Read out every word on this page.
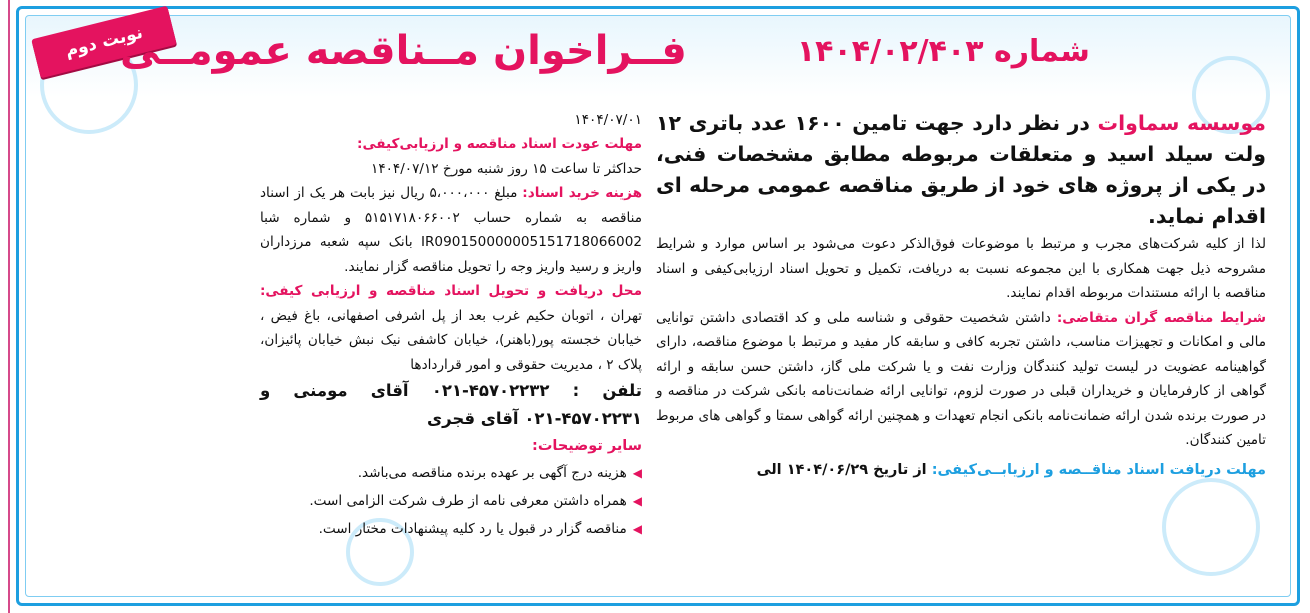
نوبت دوم
فــراخوان مــناقصه عمومــی	شماره ۱۴۰۴/۰۲/۴۰۳
موسسه سماوات در نظر دارد جهت تامین ۱۶۰۰ عدد باتری ۱۲ ولت سیلد اسید و متعلقات مربوطه مطابق مشخصات فنی، در یکی از پروژه های خود از طریق مناقصه عمومی مرحله ای اقدام نماید.
لذا از کلیه شرکت‌های مجرب و مرتبط با موضوعات فوق‌الذکر دعوت می‌شود بر اساس موارد و شرایط مشروحه ذیل جهت همکاری با این مجموعه نسبت به دریافت، تکمیل و تحویل اسناد ارزیابی‌کیفی و اسناد مناقصه با ارائه مستندات مربوطه اقدام نمایند.
شرایط مناقصه گران متقاضی: داشتن شخصیت حقوقی و شناسه ملی و کد اقتصادی داشتن توانایی مالی و امکانات و تجهیزات مناسب، داشتن تجربه کافی و سابقه کار مفید و مرتبط با موضوع مناقصه، دارای گواهینامه عضویت در لیست تولید کنندگان وزارت نفت و یا شرکت ملی گاز، داشتن حسن سابقه و ارائه گواهی از کارفرمایان و خریداران قبلی در صورت لزوم، توانایی ارائه ضمانت‌نامه بانکی شرکت در مناقصه و در صورت برنده شدن ارائه ضمانت‌نامه بانکی انجام تعهدات و همچنین ارائه گواهی سمتا و گواهی های مربوط تامین کنندگان.
مهلت دریافت اسناد مناقــصه و ارزیابــی‌کیفی: از تاریخ ۱۴۰۴/۰۶/۲۹ الی
۱۴۰۴/۰۷/۰۱
مهلت عودت اسناد مناقصه و ارزیابی‌کیفی:
حداکثر تا ساعت ۱۵ روز شنبه مورخ ۱۴۰۴/۰۷/۱۲
هزینه خرید اسناد: مبلغ ۵،۰۰۰،۰۰۰ ریال نیز بابت هر یک از اسناد مناقصه به شماره حساب ۵۱۵۱۷۱۸۰۶۶۰۰۲ و شماره شبا IR090150000005151718066002 بانک سپه شعبه مرزداران واریز و رسید واریز وجه را تحویل مناقصه گزار نمایند.
محل دریافت و تحویل اسناد مناقصه و ارزیابی کیفی: تهران ، اتوبان حکیم غرب بعد از پل اشرفی اصفهانی، باغ فیض ، خیابان خجسته پور(باهنر)، خیابان کاشفی نیک نبش خیابان پائیزان، پلاک ۲ ، مدیریت حقوقی و امور قراردادها
تلفن : ۴۵۷۰۲۲۳۲-۰۲۱ آقای مومنی و ۴۵۷۰۲۲۳۱-۰۲۱ آقای قجری
سایر توضیحات:
◀
هزینه درج آگهی بر عهده برنده مناقصه می‌باشد.
◀
همراه داشتن معرفی نامه از طرف شرکت الزامی است.
◀
مناقصه گزار در قبول یا رد کلیه پیشنهادات مختار است.
